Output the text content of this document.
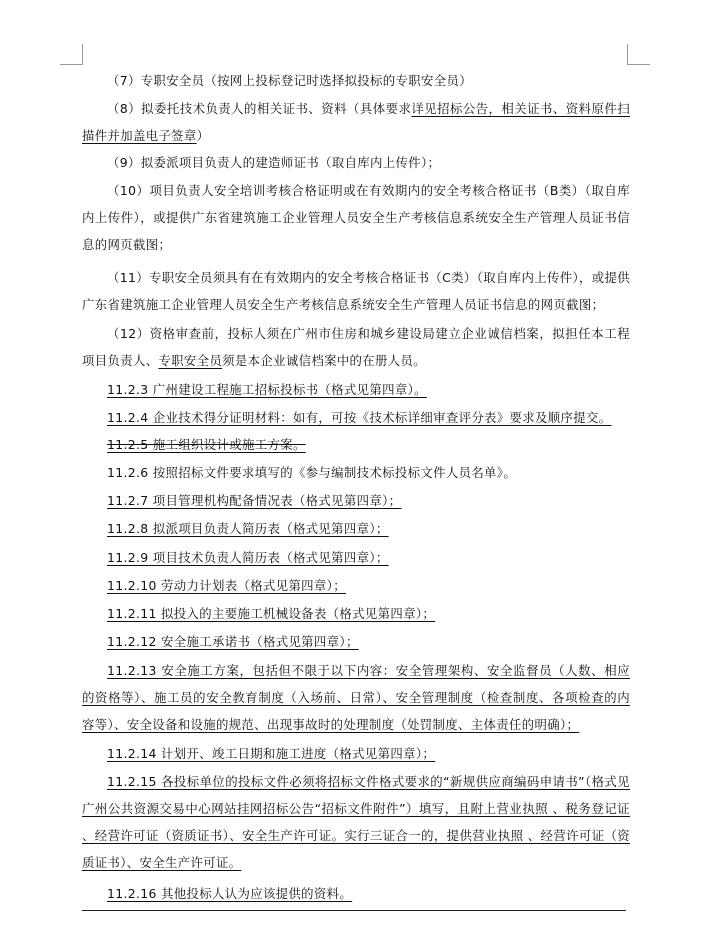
（7）专职安全员（按网上投标登记时选择拟投标的专职安全员）

（8）拟委托技术负责人的相关证书、资料（具体要求详见招标公告，相关证书、资料原件扫描件并加盖电子签章）

（9）拟委派项目负责人的建造师证书（取自库内上传件）；

（10）项目负责人安全培训考核合格证明或在有效期内的安全考核合格证书（B类）（取自库内上传件），或提供广东省建筑施工企业管理人员安全生产考核信息系统安全生产管理人员证书信息的网页截图；

（11）专职安全员须具有在有效期内的安全考核合格证书（C类）（取自库内上传件），或提供广东省建筑施工企业管理人员安全生产考核信息系统安全生产管理人员证书信息的网页截图；

（12）资格审查前，投标人须在广州市住房和城乡建设局建立企业诚信档案，拟担任本工程项目负责人、专职安全员须是本企业诚信档案中的在册人员。

11.2.3 广州建设工程施工招标投标书（格式见第四章）。

11.2.4 企业技术得分证明材料：如有，可按《技术标详细审查评分表》要求及顺序提交。

11.2.5 施工组织设计或施工方案。

11.2.6 按照招标文件要求填写的《参与编制技术标投标文件人员名单》。

11.2.7 项目管理机构配备情况表（格式见第四章）；

11.2.8 拟派项目负责人简历表（格式见第四章）；

11.2.9 项目技术负责人简历表（格式见第四章）；

11.2.10 劳动力计划表（格式见第四章）；

11.2.11 拟投入的主要施工机械设备表（格式见第四章）；

11.2.12 安全施工承诺书（格式见第四章）；

11.2.13 安全施工方案，包括但不限于以下内容：安全管理架构、安全监督员（人数、相应的资格等）、施工员的安全教育制度（入场前、日常）、安全管理制度（检查制度、各项检查的内容等）、安全设备和设施的规范、出现事故时的处理制度（处罚制度、主体责任的明确）；

11.2.14 计划开、竣工日期和施工进度（格式见第四章）；

11.2.15 各投标单位的投标文件必须将招标文件格式要求的“新规供应商编码申请书”（格式见广州公共资源交易中心网站挂网招标公告“招标文件附件”）填写，且附上营业执照 、税务登记证 、经营许可证（资质证书）、安全生产许可证。实行三证合一的，提供营业执照 、经营许可证（资质证书）、安全生产许可证。

11.2.16 其他投标人认为应该提供的资料。
